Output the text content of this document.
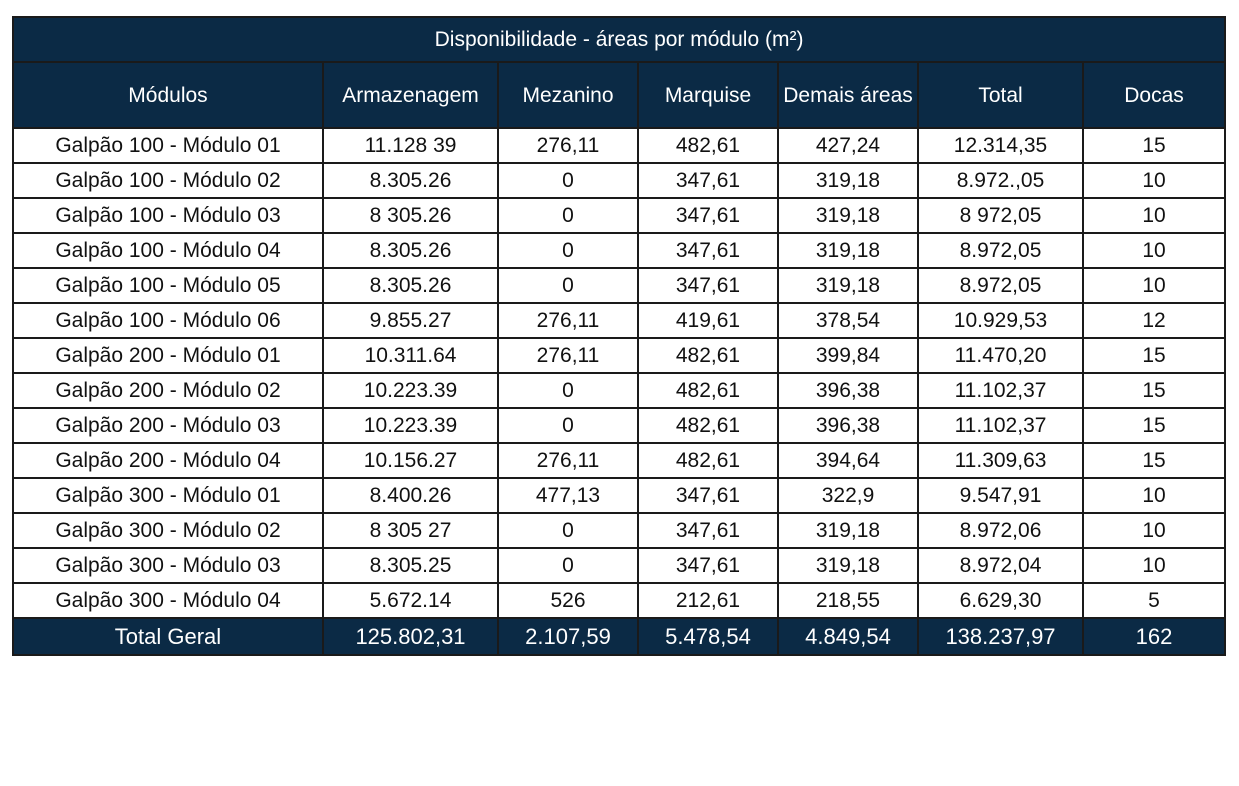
Disponibilidade - áreas por módulo (m²)						
Módulos	Armazenagem	Mezanino	Marquise	Demais áreas	Total	Docas
Galpão 100 - Módulo 01	11.128 39	276,11	482,61	427,24	12.314,35	15
Galpão 100 - Módulo 02	8.305.26	0	347,61	319,18	8.972.,05	10
Galpão 100 - Módulo 03	8 305.26	0	347,61	319,18	8 972,05	10
Galpão 100 - Módulo 04	8.305.26	0	347,61	319,18	8.972,05	10
Galpão 100 - Módulo 05	8.305.26	0	347,61	319,18	8.972,05	10
Galpão 100 - Módulo 06	9.855.27	276,11	419,61	378,54	10.929,53	12
Galpão 200 - Módulo 01	10.311.64	276,11	482,61	399,84	11.470,20	15
Galpão 200 - Módulo 02	10.223.39	0	482,61	396,38	11.102,37	15
Galpão 200 - Módulo 03	10.223.39	0	482,61	396,38	11.102,37	15
Galpão 200 - Módulo 04	10.156.27	276,11	482,61	394,64	11.309,63	15
Galpão 300 - Módulo 01	8.400.26	477,13	347,61	322,9	9.547,91	10
Galpão 300 - Módulo 02	8 305 27	0	347,61	319,18	8.972,06	10
Galpão 300 - Módulo 03	8.305.25	0	347,61	319,18	8.972,04	10
Galpão 300 - Módulo 04	5.672.14	526	212,61	218,55	6.629,30	5
Total Geral	125.802,31	2.107,59	5.478,54	4.849,54	138.237,97	162
